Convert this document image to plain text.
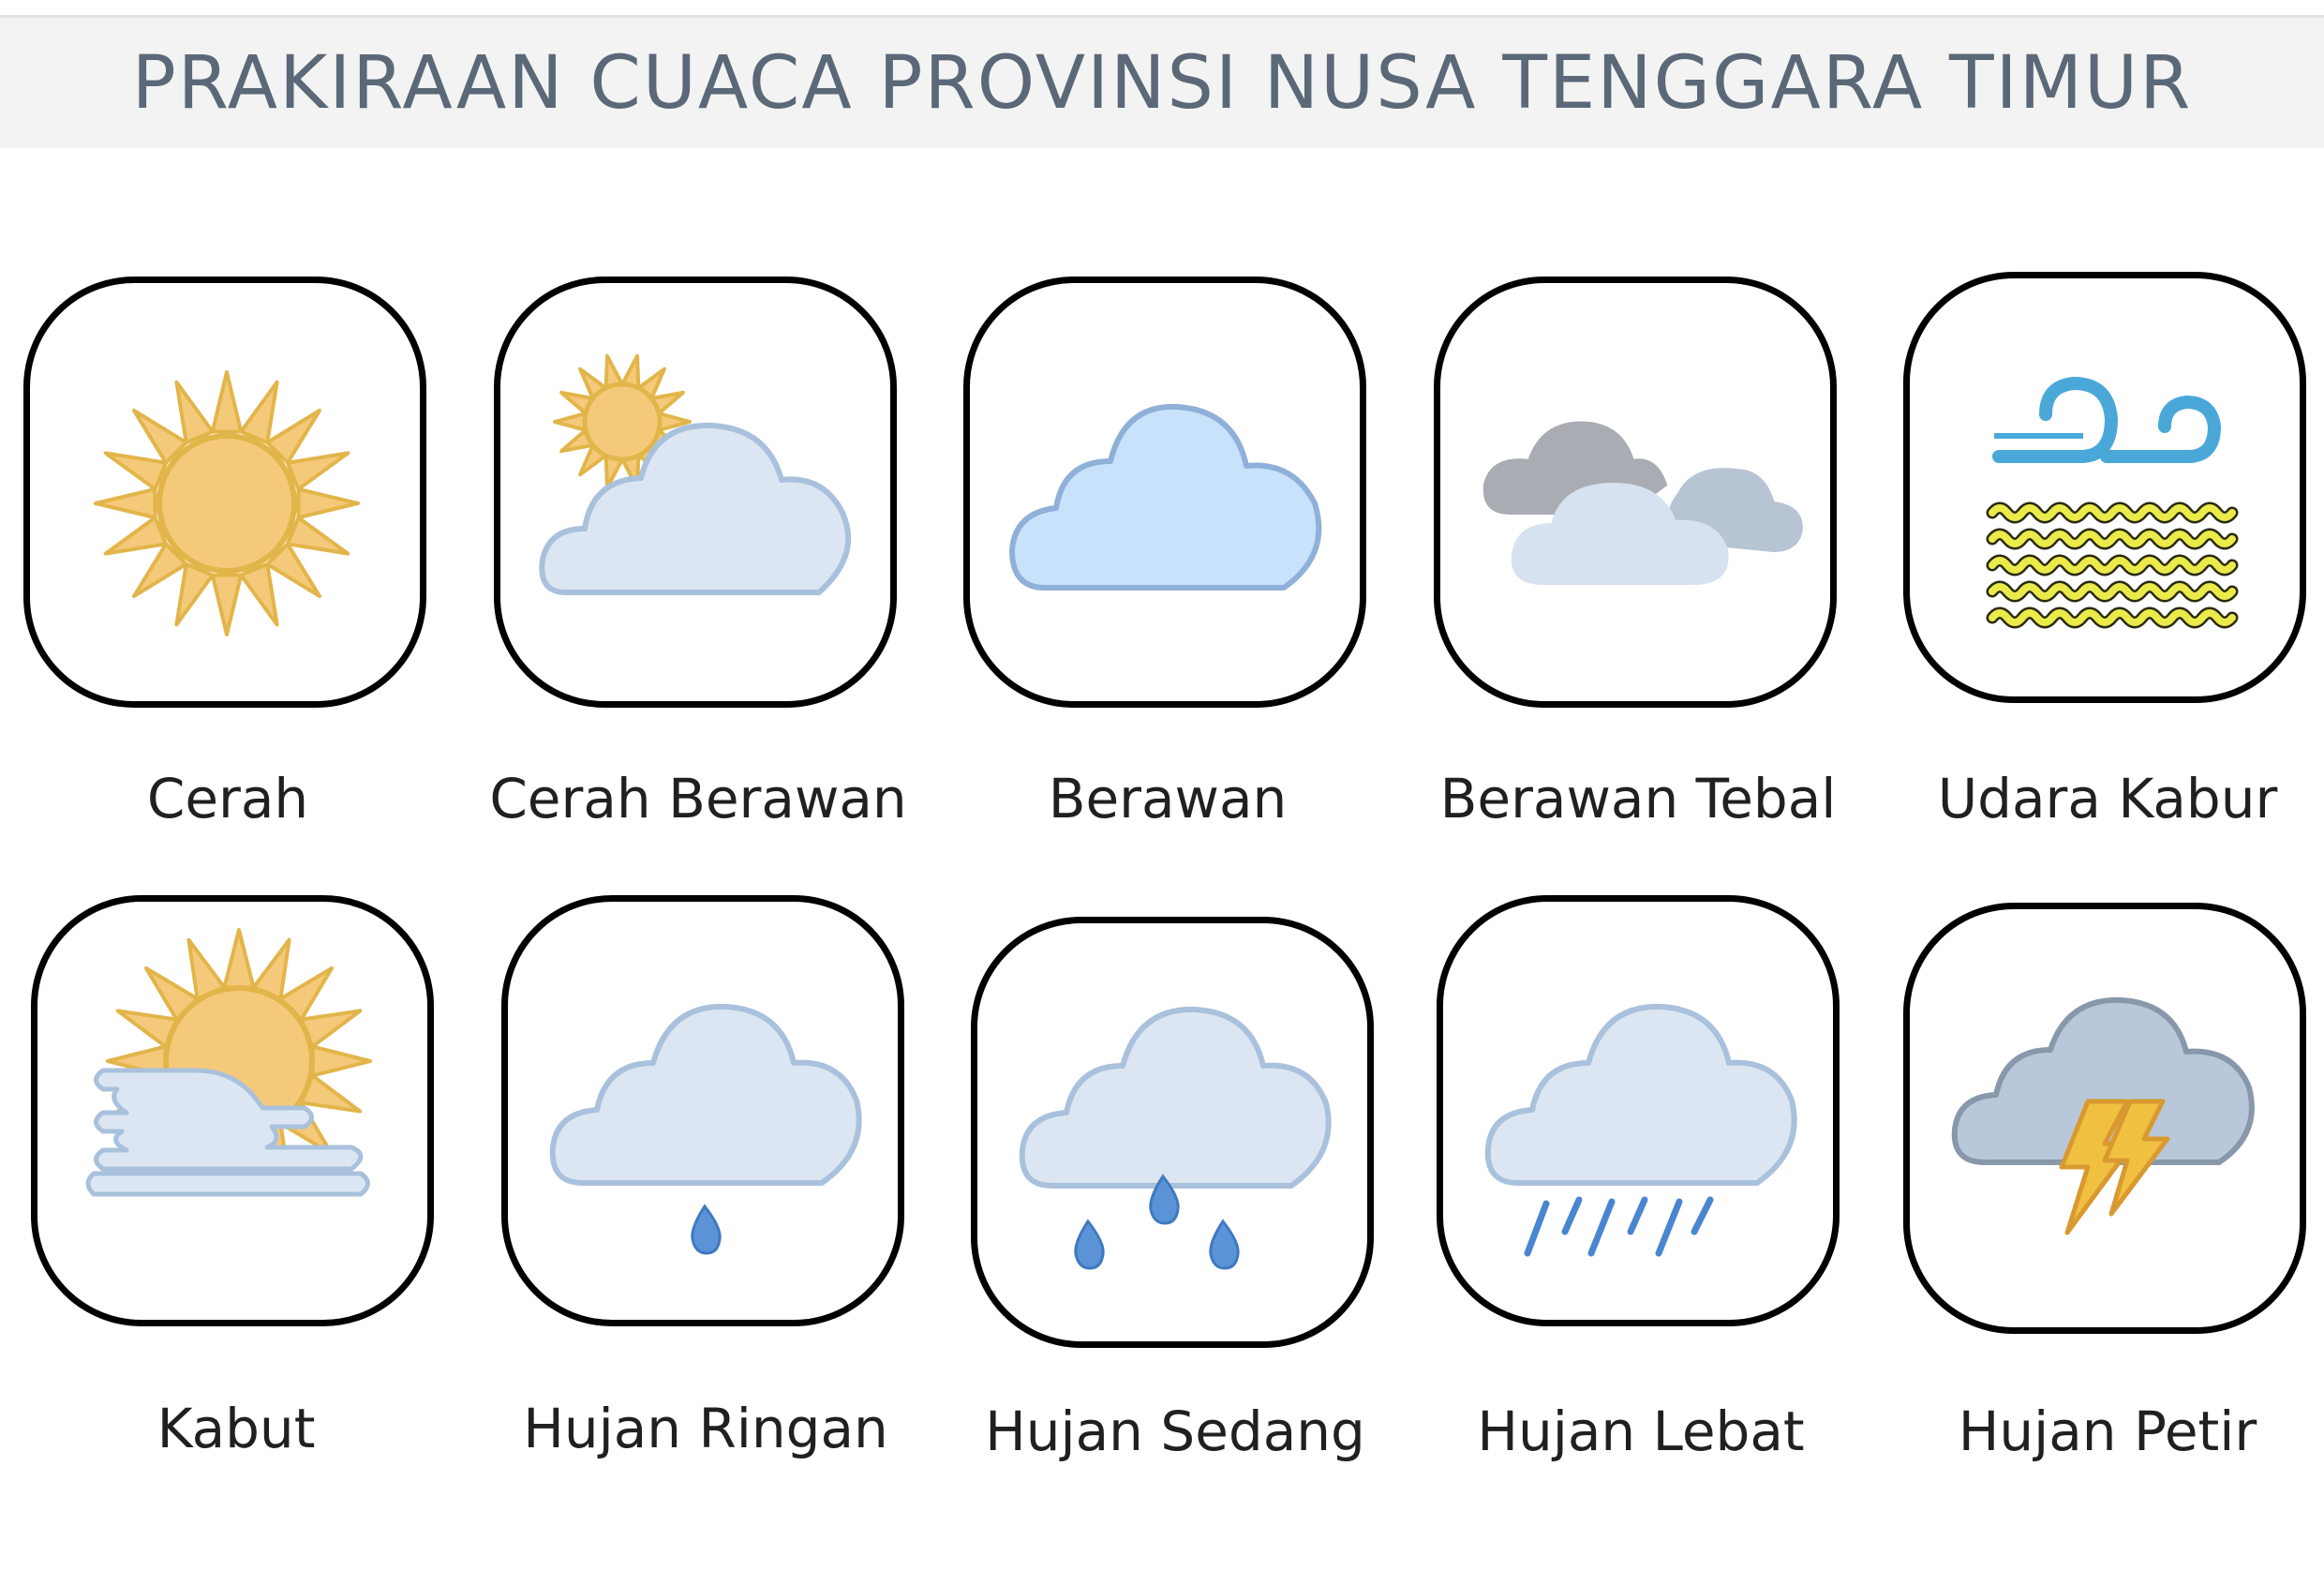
PRAKIRAAN CUACA PROVINSI NUSA TENGGARA TIMUR
Cerah	Cerah Berawan	Berawan	Berawan Tebal	Udara Kabur
Kabut	Hujan Ringan	Hujan Sedang	Hujan Lebat	Hujan Petir
